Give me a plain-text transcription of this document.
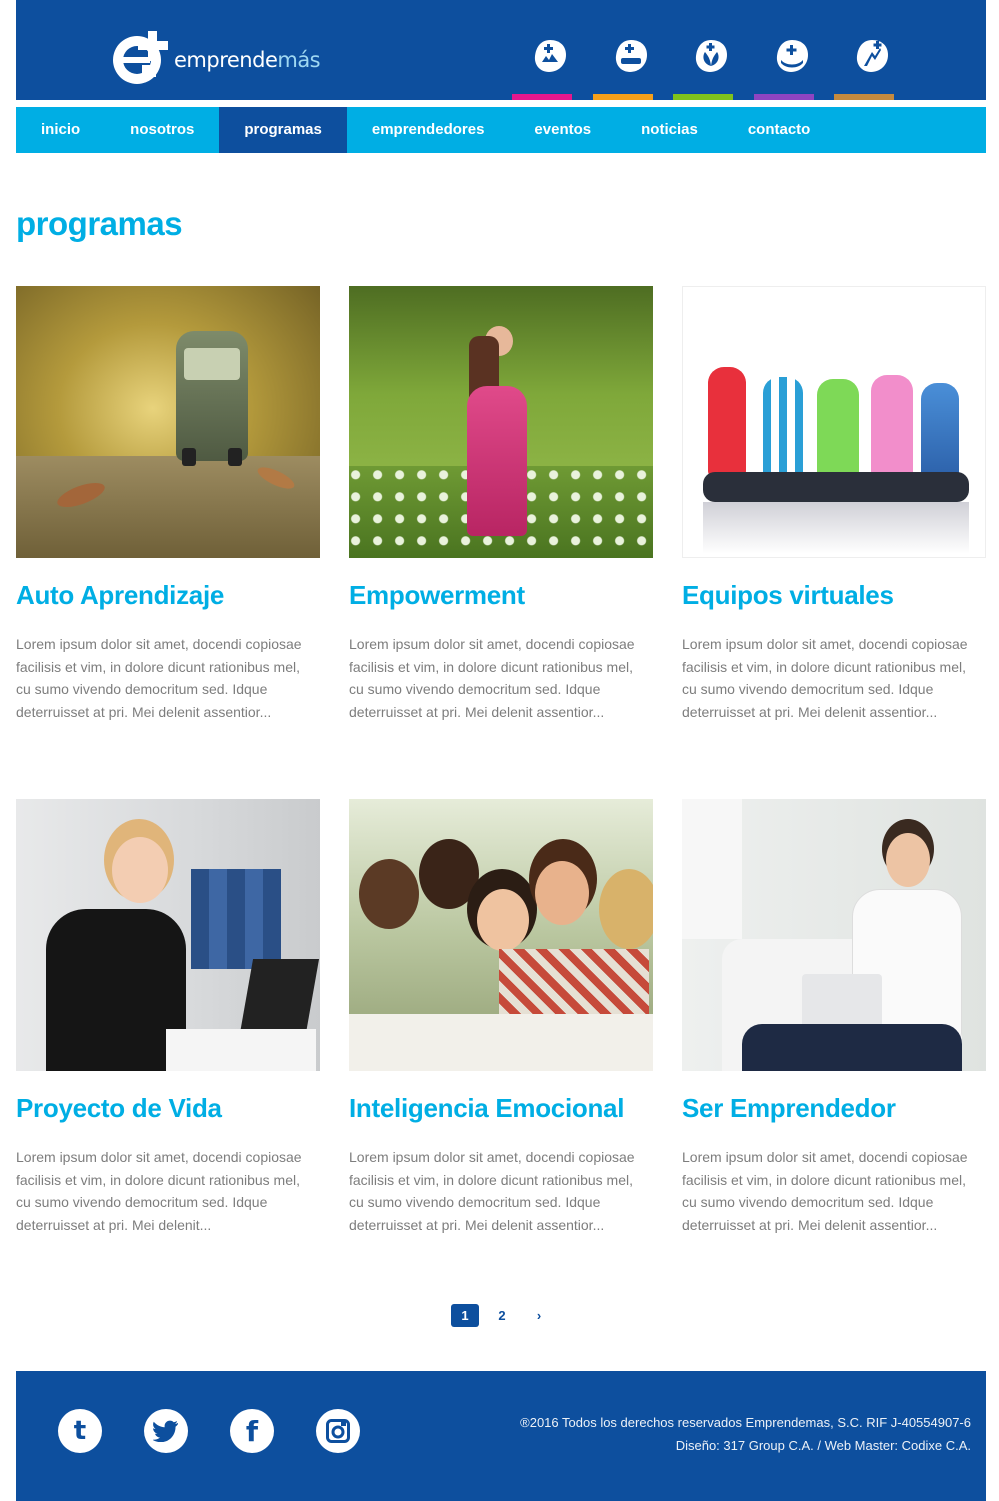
emprendemás
inicio	nosotros	programas	emprendedores	eventos	noticias	contacto
programas
Auto Aprendizaje

Lorem ipsum dolor sit amet, docendi copiosae facilisis et vim, in dolore dicunt rationibus mel, cu sumo vivendo democritum sed. Idque deterruisset at pri. Mei delenit assentior...

Empowerment

Lorem ipsum dolor sit amet, docendi copiosae facilisis et vim, in dolore dicunt rationibus mel, cu sumo vivendo democritum sed. Idque deterruisset at pri. Mei delenit assentior...

Equipos virtuales

Lorem ipsum dolor sit amet, docendi copiosae facilisis et vim, in dolore dicunt rationibus mel, cu sumo vivendo democritum sed. Idque deterruisset at pri. Mei delenit assentior...

Proyecto de Vida

Lorem ipsum dolor sit amet, docendi copiosae facilisis et vim, in dolore dicunt rationibus mel, cu sumo vivendo democritum sed. Idque deterruisset at pri. Mei delenit...

Inteligencia Emocional

Lorem ipsum dolor sit amet, docendi copiosae facilisis et vim, in dolore dicunt rationibus mel, cu sumo vivendo democritum sed. Idque deterruisset at pri. Mei delenit assentior...

Ser Emprendedor

Lorem ipsum dolor sit amet, docendi copiosae facilisis et vim, in dolore dicunt rationibus mel, cu sumo vivendo democritum sed. Idque deterruisset at pri. Mei delenit assentior...

1	2	›
t	f	®2016 Todos los derechos reservados Emprendemas, S.C. RIF J-40554907-6
Diseño: 317 Group C.A. / Web Master: Codixe C.A.
